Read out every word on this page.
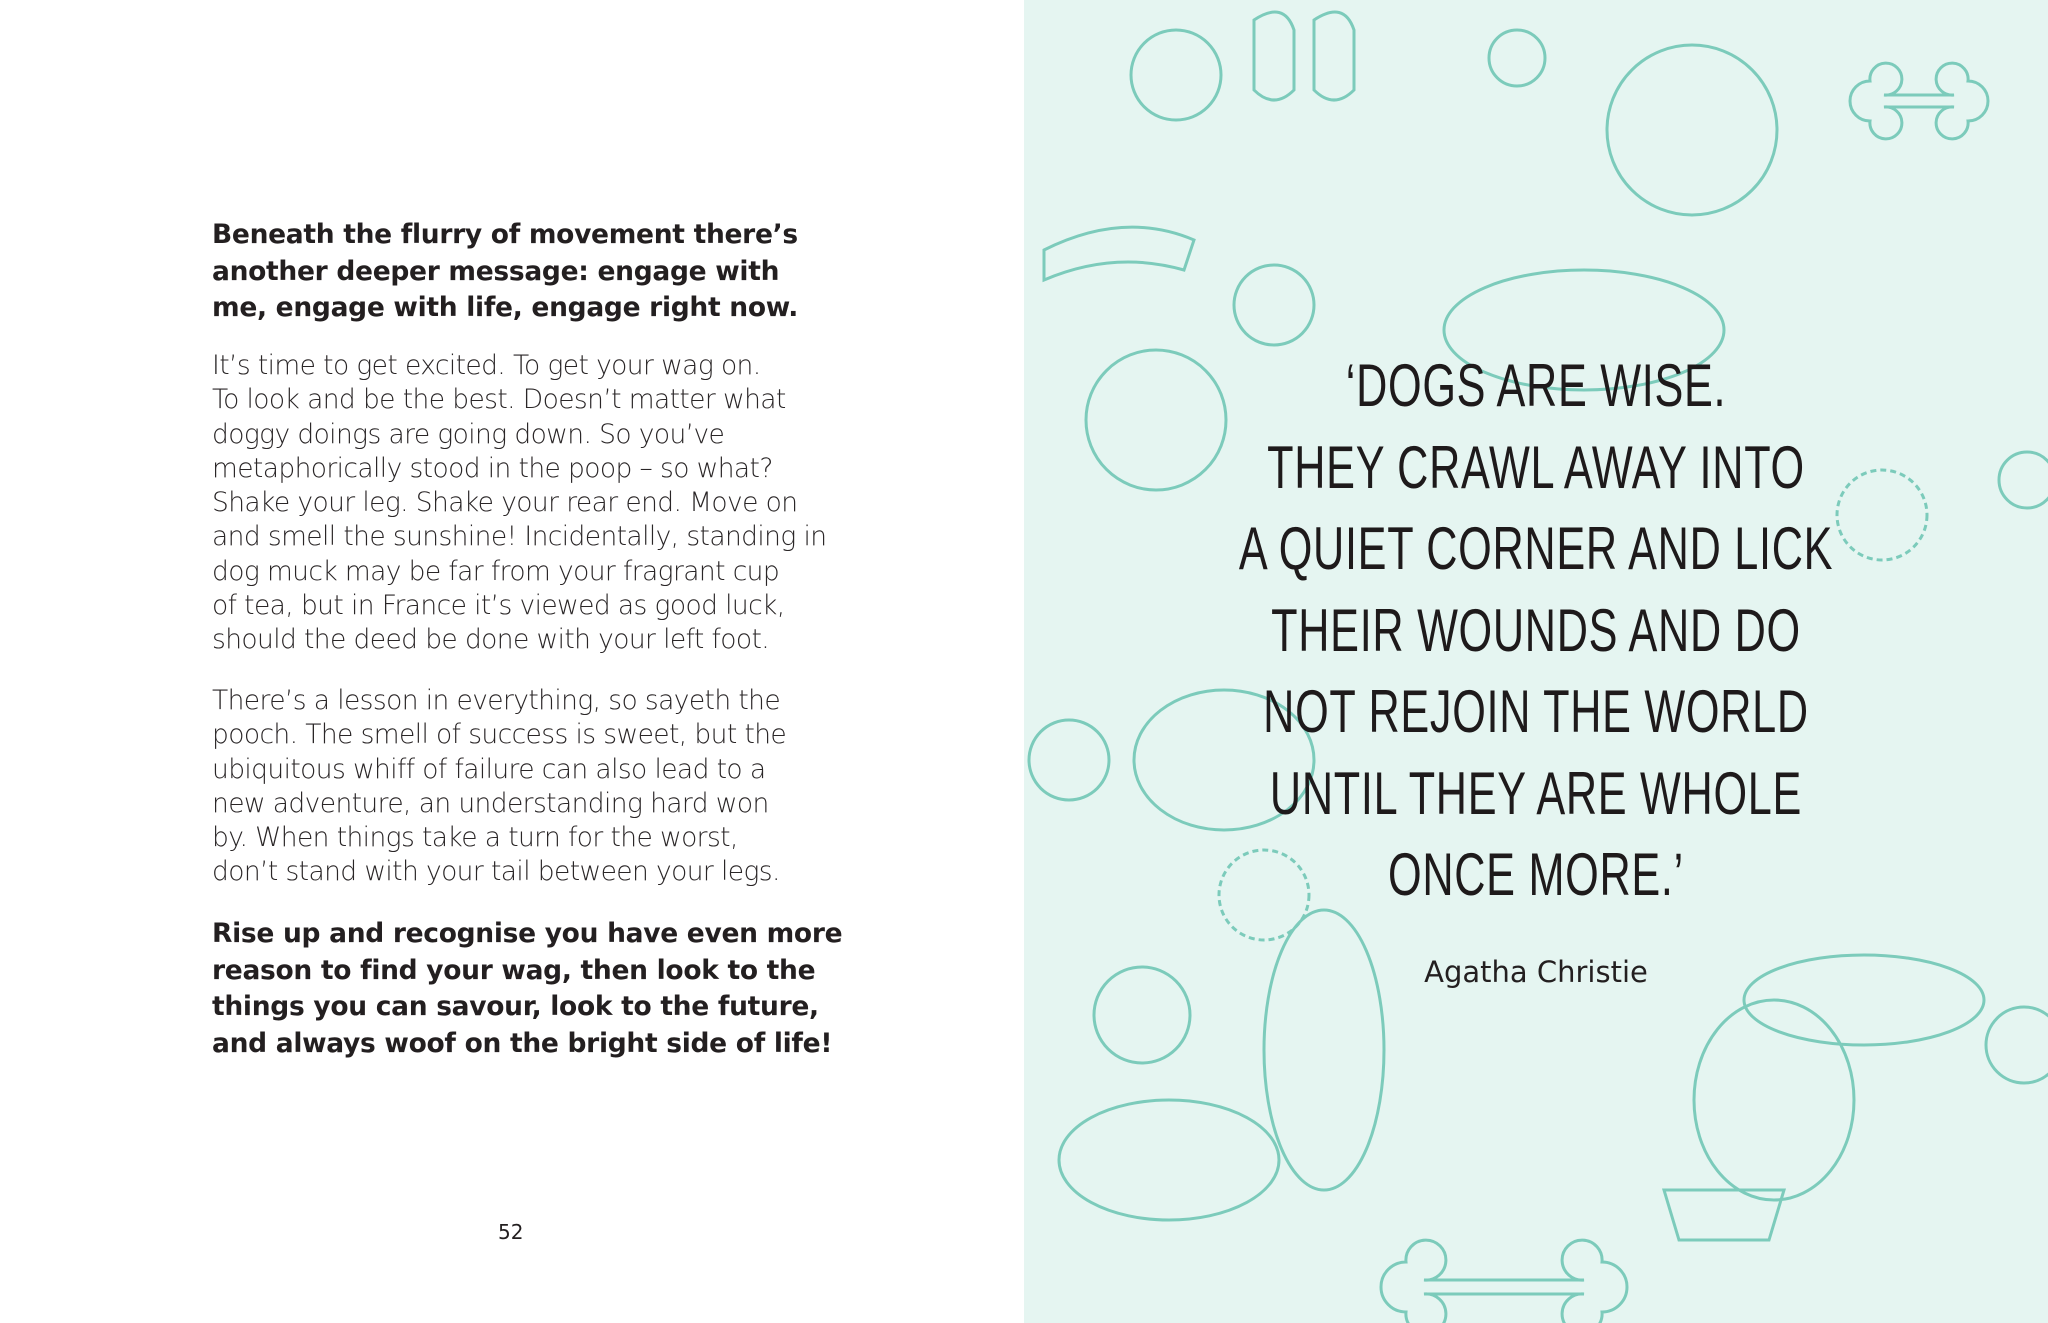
Beneath the flurry of movement there’s
another deeper message: engage with
me, engage with life, engage right now.
It’s time to get excited. To get your wag on.
To look and be the best. Doesn’t matter what
doggy doings are going down. So you’ve
metaphorically stood in the poop – so what?
Shake your leg. Shake your rear end. Move on
and smell the sunshine! Incidentally, standing in
dog muck may be far from your fragrant cup
of tea, but in France it’s viewed as good luck,
should the deed be done with your left foot.
There’s a lesson in everything, so sayeth the
pooch. The smell of success is sweet, but the
ubiquitous whiff of failure can also lead to a
new adventure, an understanding hard won
by. When things take a turn for the worst,
don’t stand with your tail between your legs.
Rise up and recognise you have even more
reason to find your wag, then look to the
things you can savour, look to the future,
and always woof on the bright side of life!
52
‘DOGS ARE WISE.
THEY CRAWL AWAY INTO
A QUIET CORNER AND LICK
THEIR WOUNDS AND DO
NOT REJOIN THE WORLD
UNTIL THEY ARE WHOLE
ONCE MORE.’
Agatha Christie
